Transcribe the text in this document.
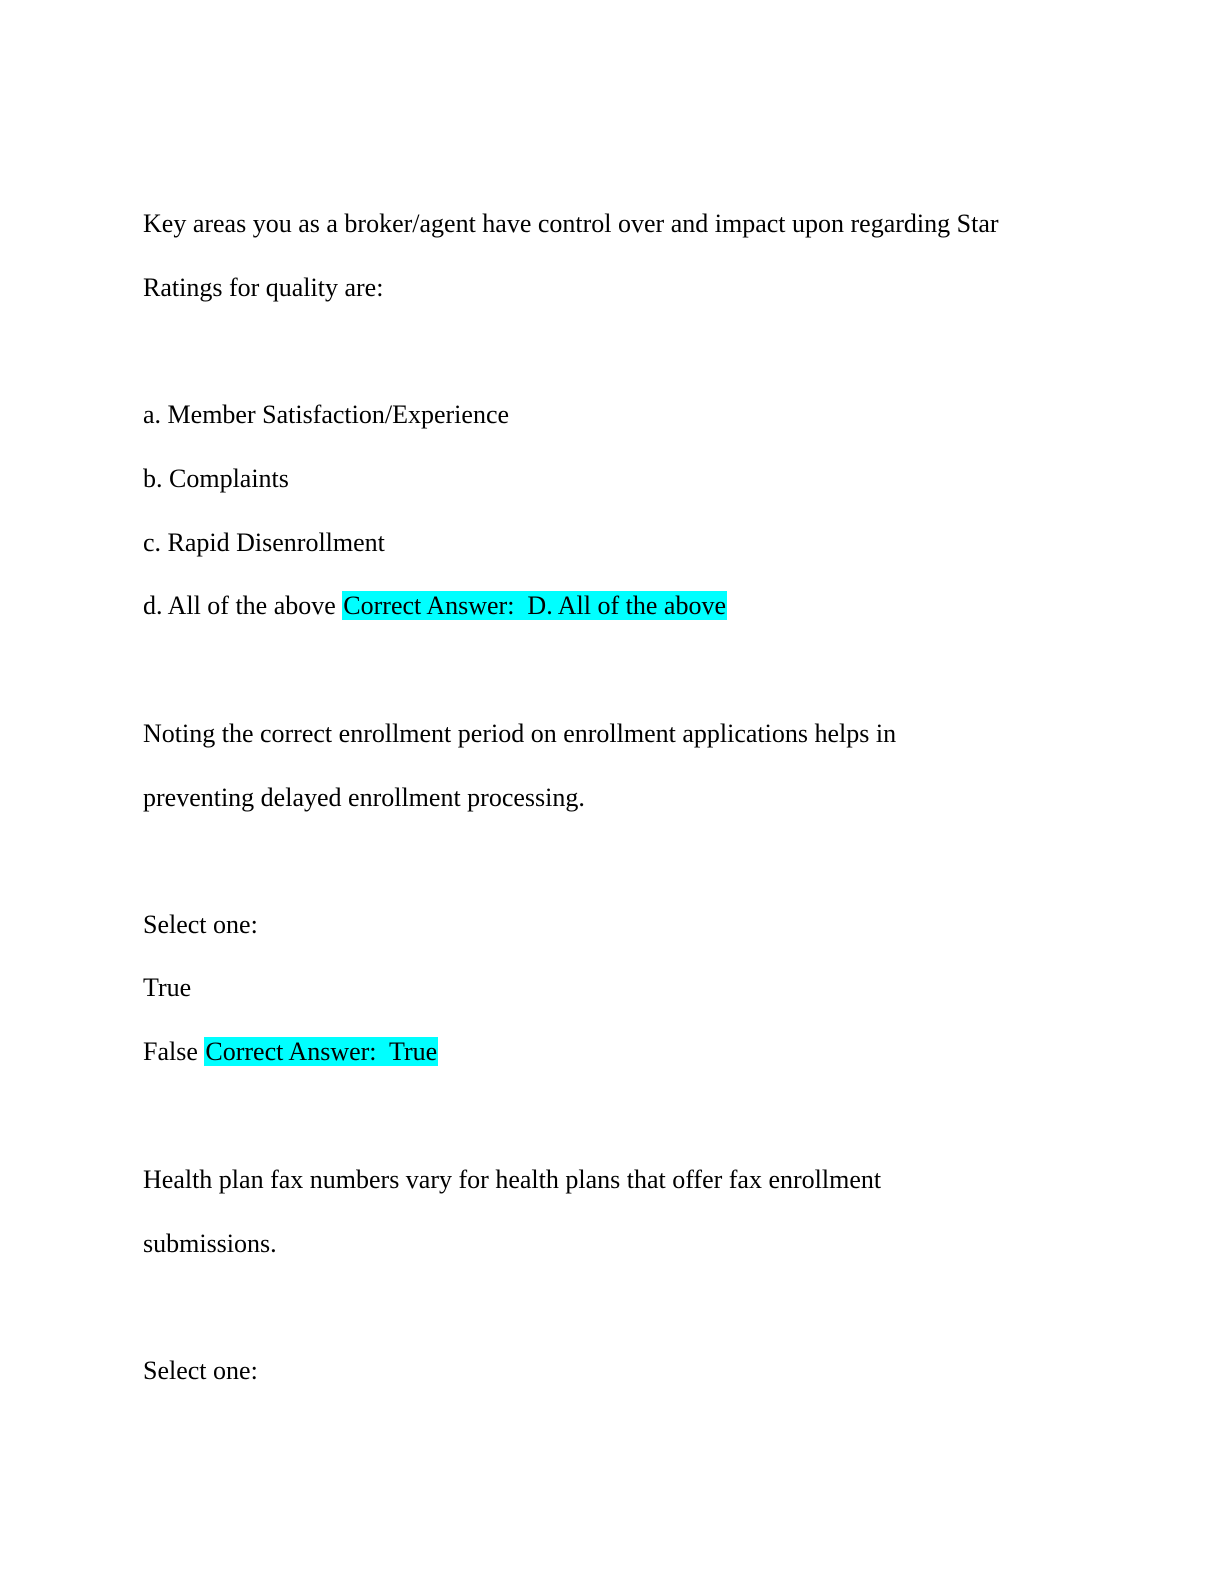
Key areas you as a broker/agent have control over and impact upon regarding Star
Ratings for quality are:
a. Member Satisfaction/Experience
b. Complaints
c. Rapid Disenrollment
d. All of the above Correct Answer:  D. All of the above
Noting the correct enrollment period on enrollment applications helps in
preventing delayed enrollment processing.
Select one:
True
False Correct Answer:  True
Health plan fax numbers vary for health plans that offer fax enrollment
submissions.
Select one:
